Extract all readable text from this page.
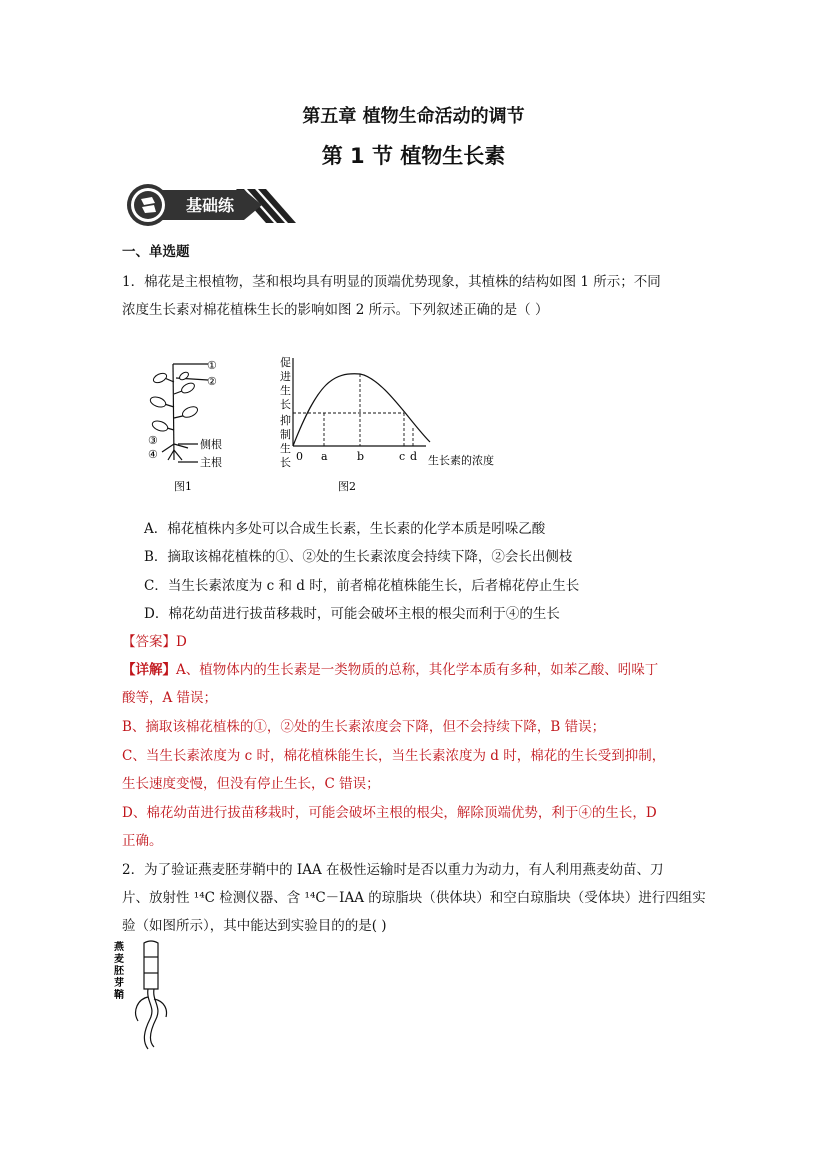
第五章 植物生命活动的调节
第 1 节 植物生长素
基础练
一、单选题
1．棉花是主根植物，茎和根均具有明显的顶端优势现象，其植株的结构如图 1 所示；不同
浓度生长素对棉花植株生长的影响如图 2 所示。下列叙述正确的是（ ）
①
②
③
④
侧根
主根
图1
促
进
生
长
抑
制
生
长 0 a	b	c d 生长素的浓度
图2
A．棉花植株内多处可以合成生长素，生长素的化学本质是吲哚乙酸
B．摘取该棉花植株的①、②处的生长素浓度会持续下降，②会长出侧枝
C．当生长素浓度为 c 和 d 时，前者棉花植株能生长，后者棉花停止生长
D．棉花幼苗进行拔苗移栽时，可能会破坏主根的根尖而利于④的生长
【答案】D
【详解】A、植物体内的生长素是一类物质的总称，其化学本质有多种，如苯乙酸、吲哚丁
酸等，A 错误；
B、摘取该棉花植株的①，②处的生长素浓度会下降，但不会持续下降，B 错误；
C、当生长素浓度为 c 时，棉花植株能生长，当生长素浓度为 d 时，棉花的生长受到抑制，
生长速度变慢，但没有停止生长，C 错误；
D、棉花幼苗进行拔苗移栽时，可能会破坏主根的根尖，解除顶端优势，利于④的生长，D
正确。
2．为了验证燕麦胚芽鞘中的 IAA 在极性运输时是否以重力为动力，有人利用燕麦幼苗、刀
片、放射性 ¹⁴C 检测仪器、含 ¹⁴C－IAA 的琼脂块（供体块）和空白琼脂块（受体块）进行四组实
验（如图所示），其中能达到实验目的的是( )
燕
麦
胚
芽
鞘
